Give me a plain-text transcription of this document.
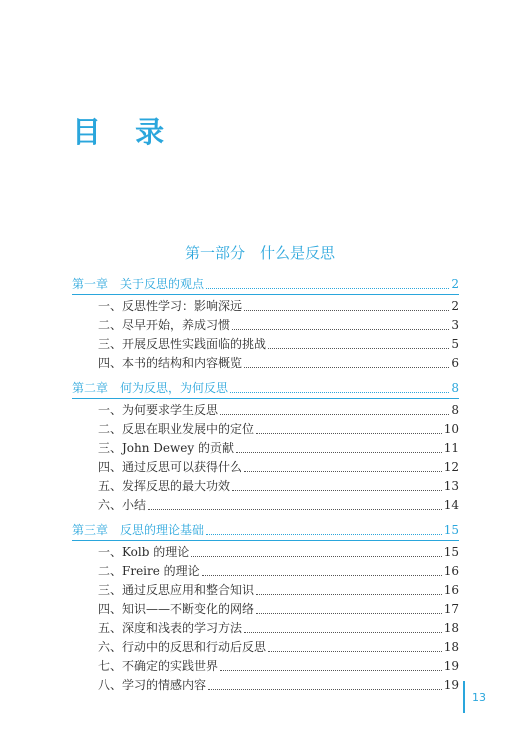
目 录
第一部分　什么是反思
第一章　关于反思的观点	2
一、反思性学习：影响深远	2
二、尽早开始，养成习惯	3
三、开展反思性实践面临的挑战	5
四、本书的结构和内容概览	6
第二章　何为反思，为何反思	8
一、为何要求学生反思	8
二、反思在职业发展中的定位	10
三、John Dewey 的贡献	11
四、通过反思可以获得什么	12
五、发挥反思的最大功效	13
六、小结	14
第三章　反思的理论基础	15
一、Kolb 的理论	15
二、Freire 的理论	16
三、通过反思应用和整合知识	16
四、知识——不断变化的网络	17
五、深度和浅表的学习方法	18
六、行动中的反思和行动后反思	18
七、不确定的实践世界	19
八、学习的情感内容	19
13
